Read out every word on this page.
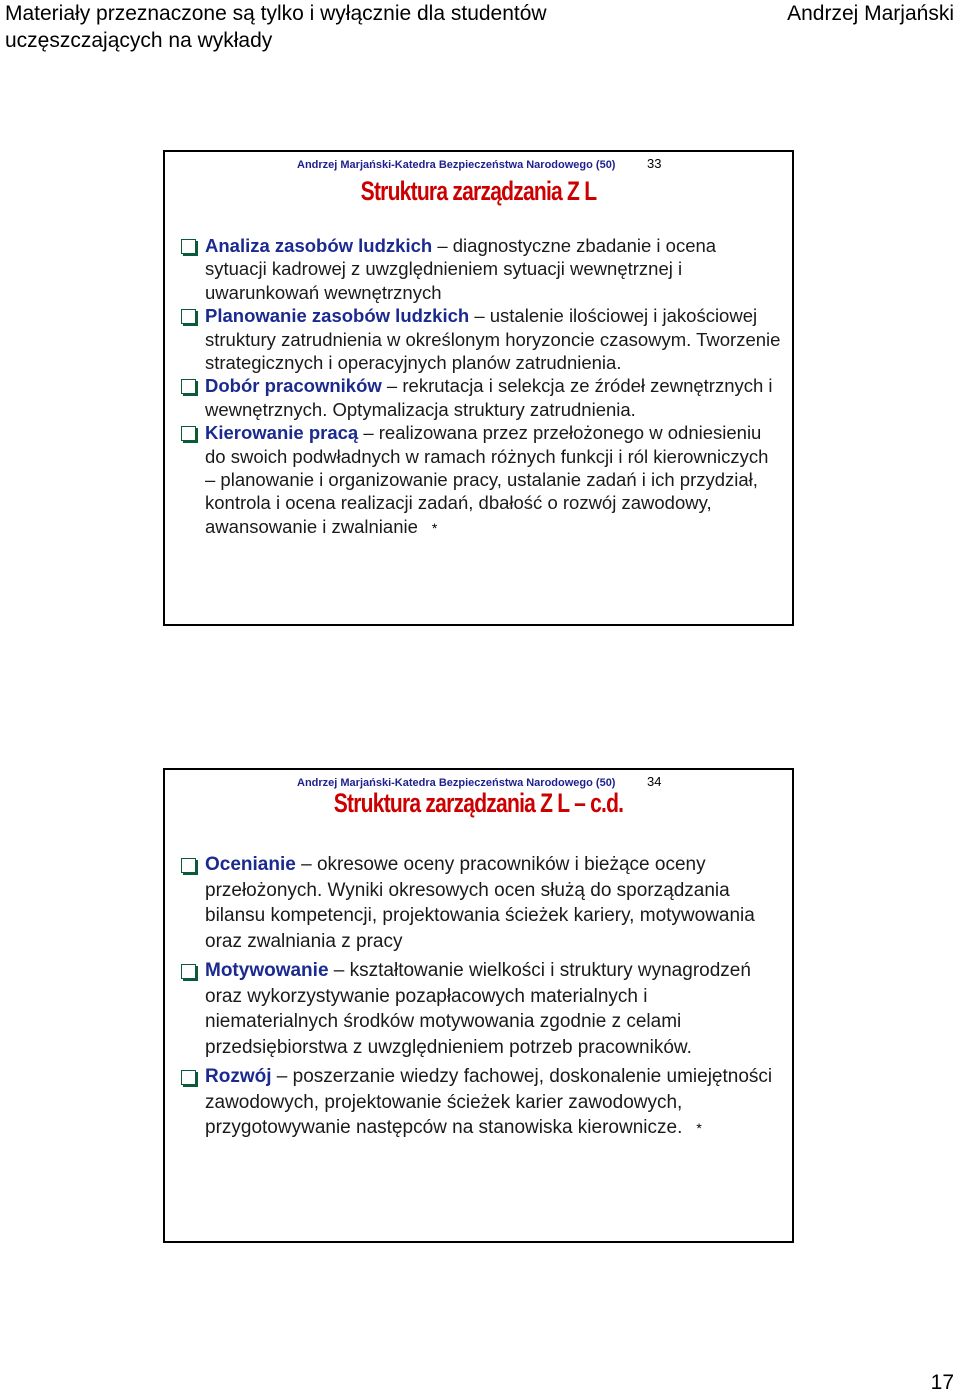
Materiały przeznaczone są tylko i wyłącznie dla studentów
uczęszczających na wykłady
Andrzej Marjański
Andrzej Marjański-Katedra Bezpieczeństwa Narodowego (50) 33
Struktura zarządzania Z L
Analiza zasobów ludzkich – diagnostyczne zbadanie i ocena sytuacji kadrowej z uwzględnieniem sytuacji wewnętrznej i uwarunkowań wewnętrznych
Planowanie zasobów ludzkich – ustalenie ilościowej i jakościowej struktury zatrudnienia w określonym horyzoncie czasowym. Tworzenie strategicznych i operacyjnych planów zatrudnienia.
Dobór pracowników – rekrutacja i selekcja ze źródeł zewnętrznych i wewnętrznych. Optymalizacja struktury zatrudnienia.
Kierowanie pracą – realizowana przez przełożonego w odniesieniu do swoich podwładnych w ramach różnych funkcji i ról kierowniczych – planowanie i organizowanie pracy, ustalanie zadań i ich przydział, kontrola i ocena realizacji zadań, dbałość o rozwój zawodowy, awansowanie i zwalnianie *
Andrzej Marjański-Katedra Bezpieczeństwa Narodowego (50) 34
Struktura zarządzania Z L – c.d.
Ocenianie – okresowe oceny pracowników i bieżące oceny przełożonych. Wyniki okresowych ocen służą do sporządzania bilansu kompetencji, projektowania ścieżek kariery, motywowania oraz zwalniania z pracy
Motywowanie – kształtowanie wielkości i struktury wynagrodzeń oraz wykorzystywanie pozapłacowych materialnych i niematerialnych środków motywowania zgodnie z celami przedsiębiorstwa z uwzględnieniem potrzeb pracowników.
Rozwój – poszerzanie wiedzy fachowej, doskonalenie umiejętności zawodowych, projektowanie ścieżek karier zawodowych, przygotowywanie następców na stanowiska kierownicze. *
17
